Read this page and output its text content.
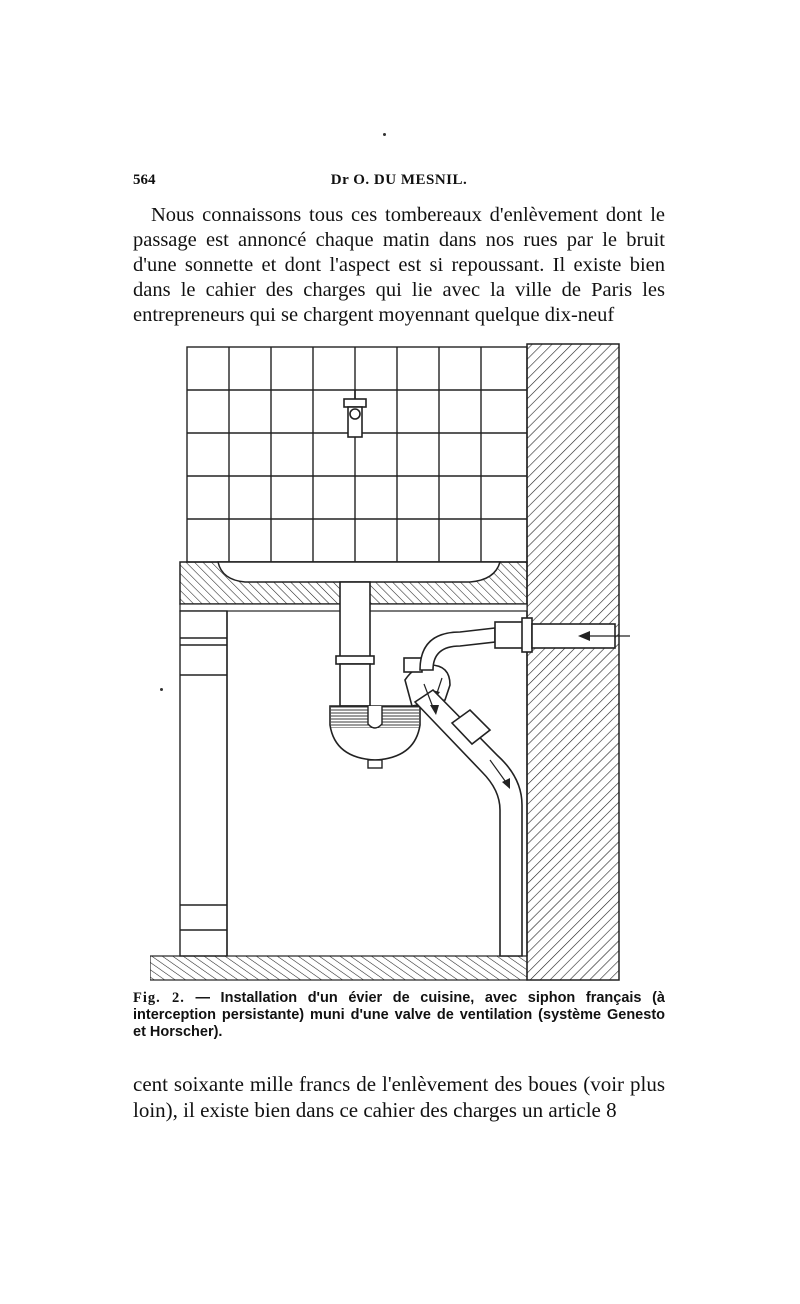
564	Dr O. DU MESNIL.
Nous connaissons tous ces tombereaux d'enlèvement dont le passage est annoncé chaque matin dans nos rues par le bruit d'une sonnette et dont l'aspect est si repoussant. Il existe bien dans le cahier des charges qui lie avec la ville de Paris les entrepreneurs qui se chargent moyennant quelque dix-neuf
Fig. 2. — Installation d'un évier de cuisine, avec siphon français (à interception persistante) muni d'une valve de ventilation (système Genesto et Horscher).
cent soixante mille francs de l'enlèvement des boues (voir plus loin), il existe bien dans ce cahier des charges un article 8
